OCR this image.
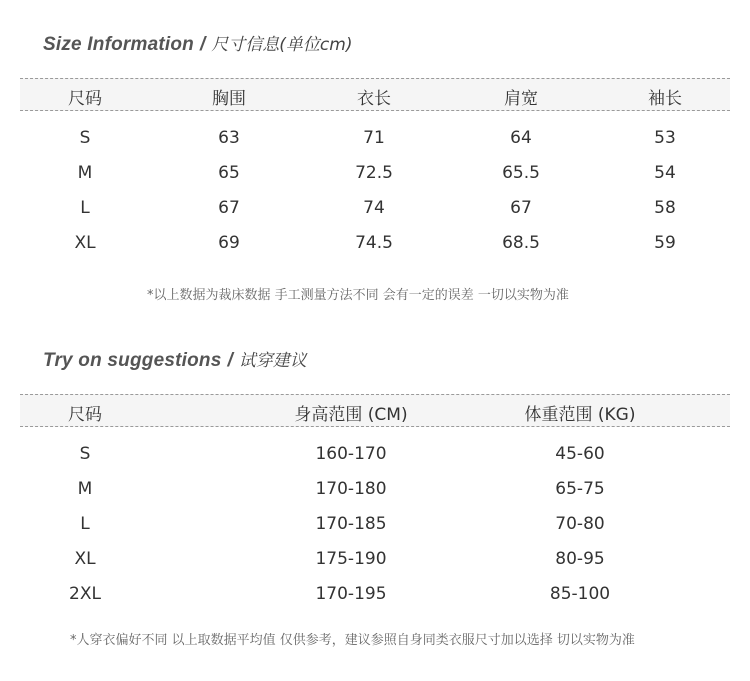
Size Information / 尺寸信息(单位cm)
尺码	胸围	衣长	肩宽	袖长
S	63	71	64	53
M	65	72.5	65.5	54
L	67	74	67	58
XL	69	74.5	68.5	59
*以上数据为裁床数据 手工测量方法不同 会有一定的误差 一切以实物为准
Try on suggestions / 试穿建议
尺码	身高范围 (CM)	体重范围 (KG)
S	160-170	45-60
M	170-180	65-75
L	170-185	70-80
XL	175-190	80-95
2XL	170-195	85-100
*人穿衣偏好不同 以上取数据平均值 仅供参考，建议参照自身同类衣服尺寸加以选择 切以实物为准
